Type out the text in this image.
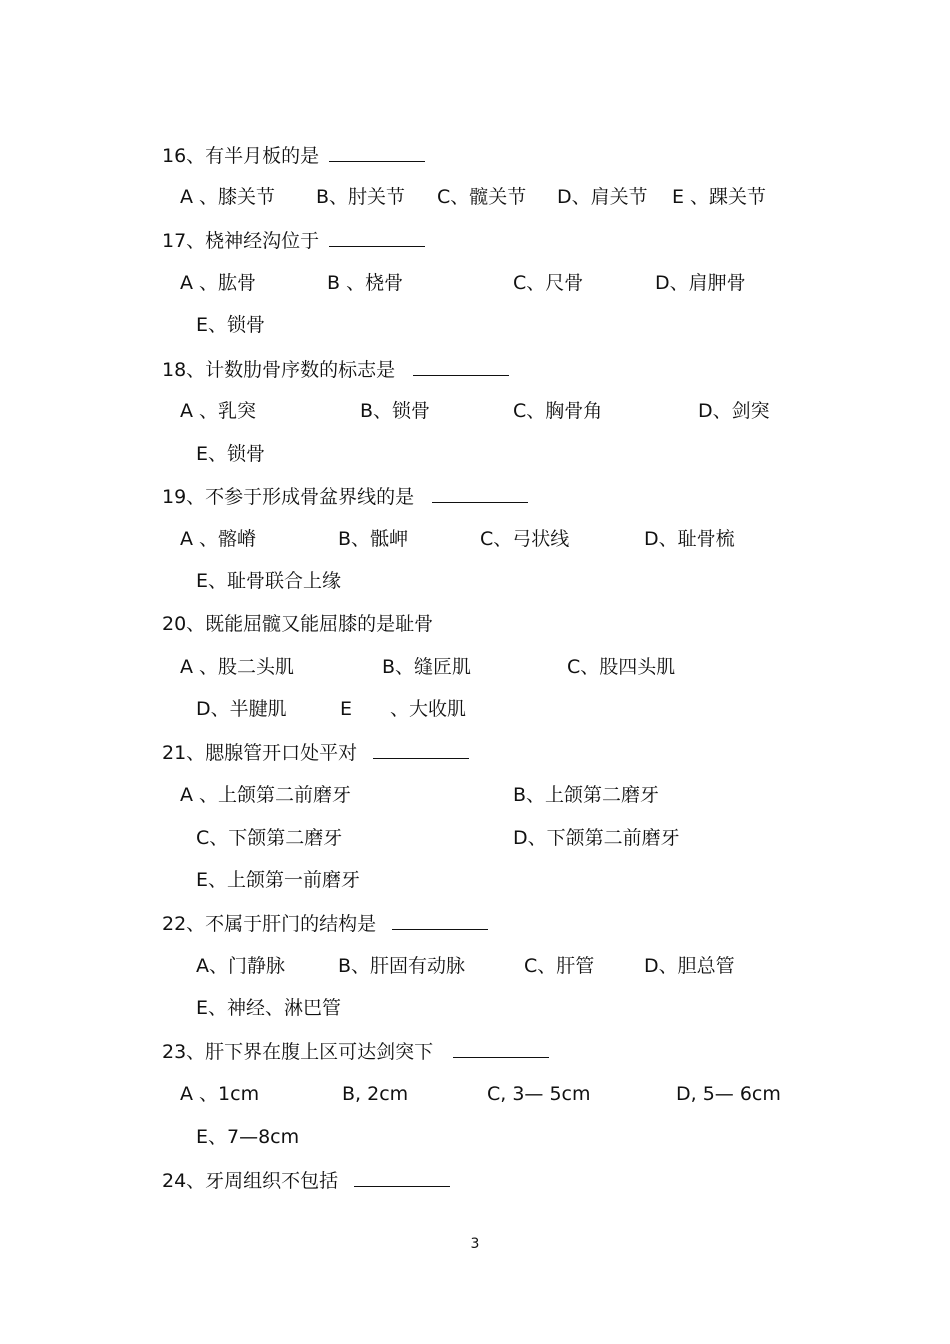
16、有半月板的是
A 、膝关节 B、肘关节 C、髋关节 D、肩关节 E 、踝关节
17、桡神经沟位于
A 、肱骨	B 、桡骨	C、尺骨	D、肩胛骨
E、锁骨
18、计数肋骨序数的标志是
A 、乳突	B、锁骨	C、胸骨角	D、剑突
E、锁骨
19、不参于形成骨盆界线的是
A 、髂嵴	B、骶岬	C、弓状线	D、耻骨梳
E、耻骨联合上缘
20、既能屈髋又能屈膝的是耻骨
A 、股二头肌	B、缝匠肌	C、股四头肌
D、半腱肌	E　　、大收肌
21、腮腺管开口处平对
A 、上颌第二前磨牙	B、上颌第二磨牙
C、下颌第二磨牙	D、下颌第二前磨牙
E、上颌第一前磨牙
22、不属于肝门的结构是
A、门静脉	B、肝固有动脉	C、肝管	D、胆总管
E、神经、淋巴管
23、肝下界在腹上区可达剑突下
A 、1cm	B, 2cm	C, 3— 5cm	D, 5— 6cm
E、7—8cm
24、牙周组织不包括
3
